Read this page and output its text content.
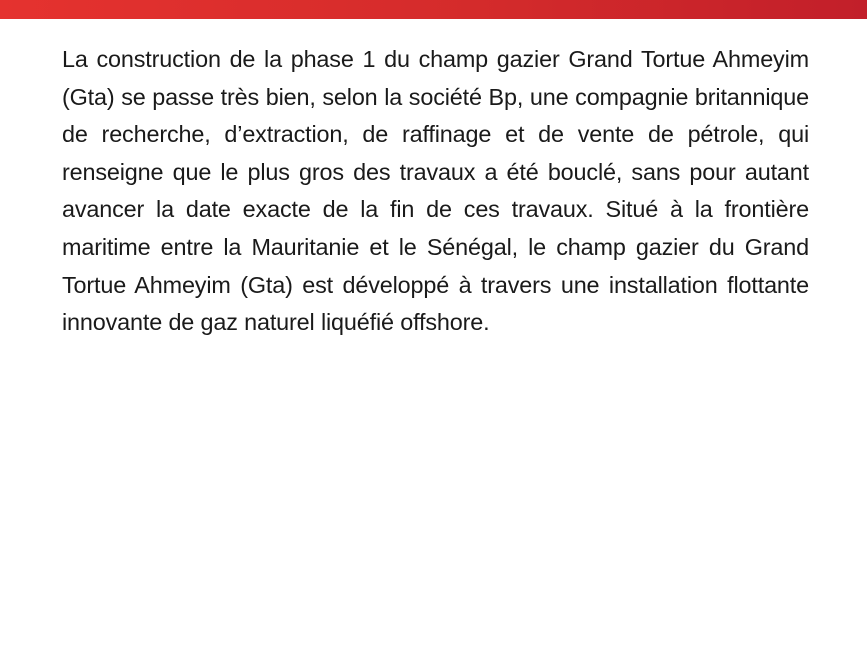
La construction de la phase 1 du champ gazier Grand Tortue Ahmeyim (Gta) se passe très bien, selon la société Bp, une compagnie britannique de recherche, d’extraction, de raffinage et de vente de pétrole, qui renseigne que le plus gros des travaux a été bouclé, sans pour autant avancer la date exacte de la fin de ces travaux. Situé à la frontière maritime entre la Mauritanie et le Sénégal, le champ gazier du Grand Tortue Ahmeyim (Gta) est développé à travers une installation flottante innovante de gaz naturel liquéfié offshore.
